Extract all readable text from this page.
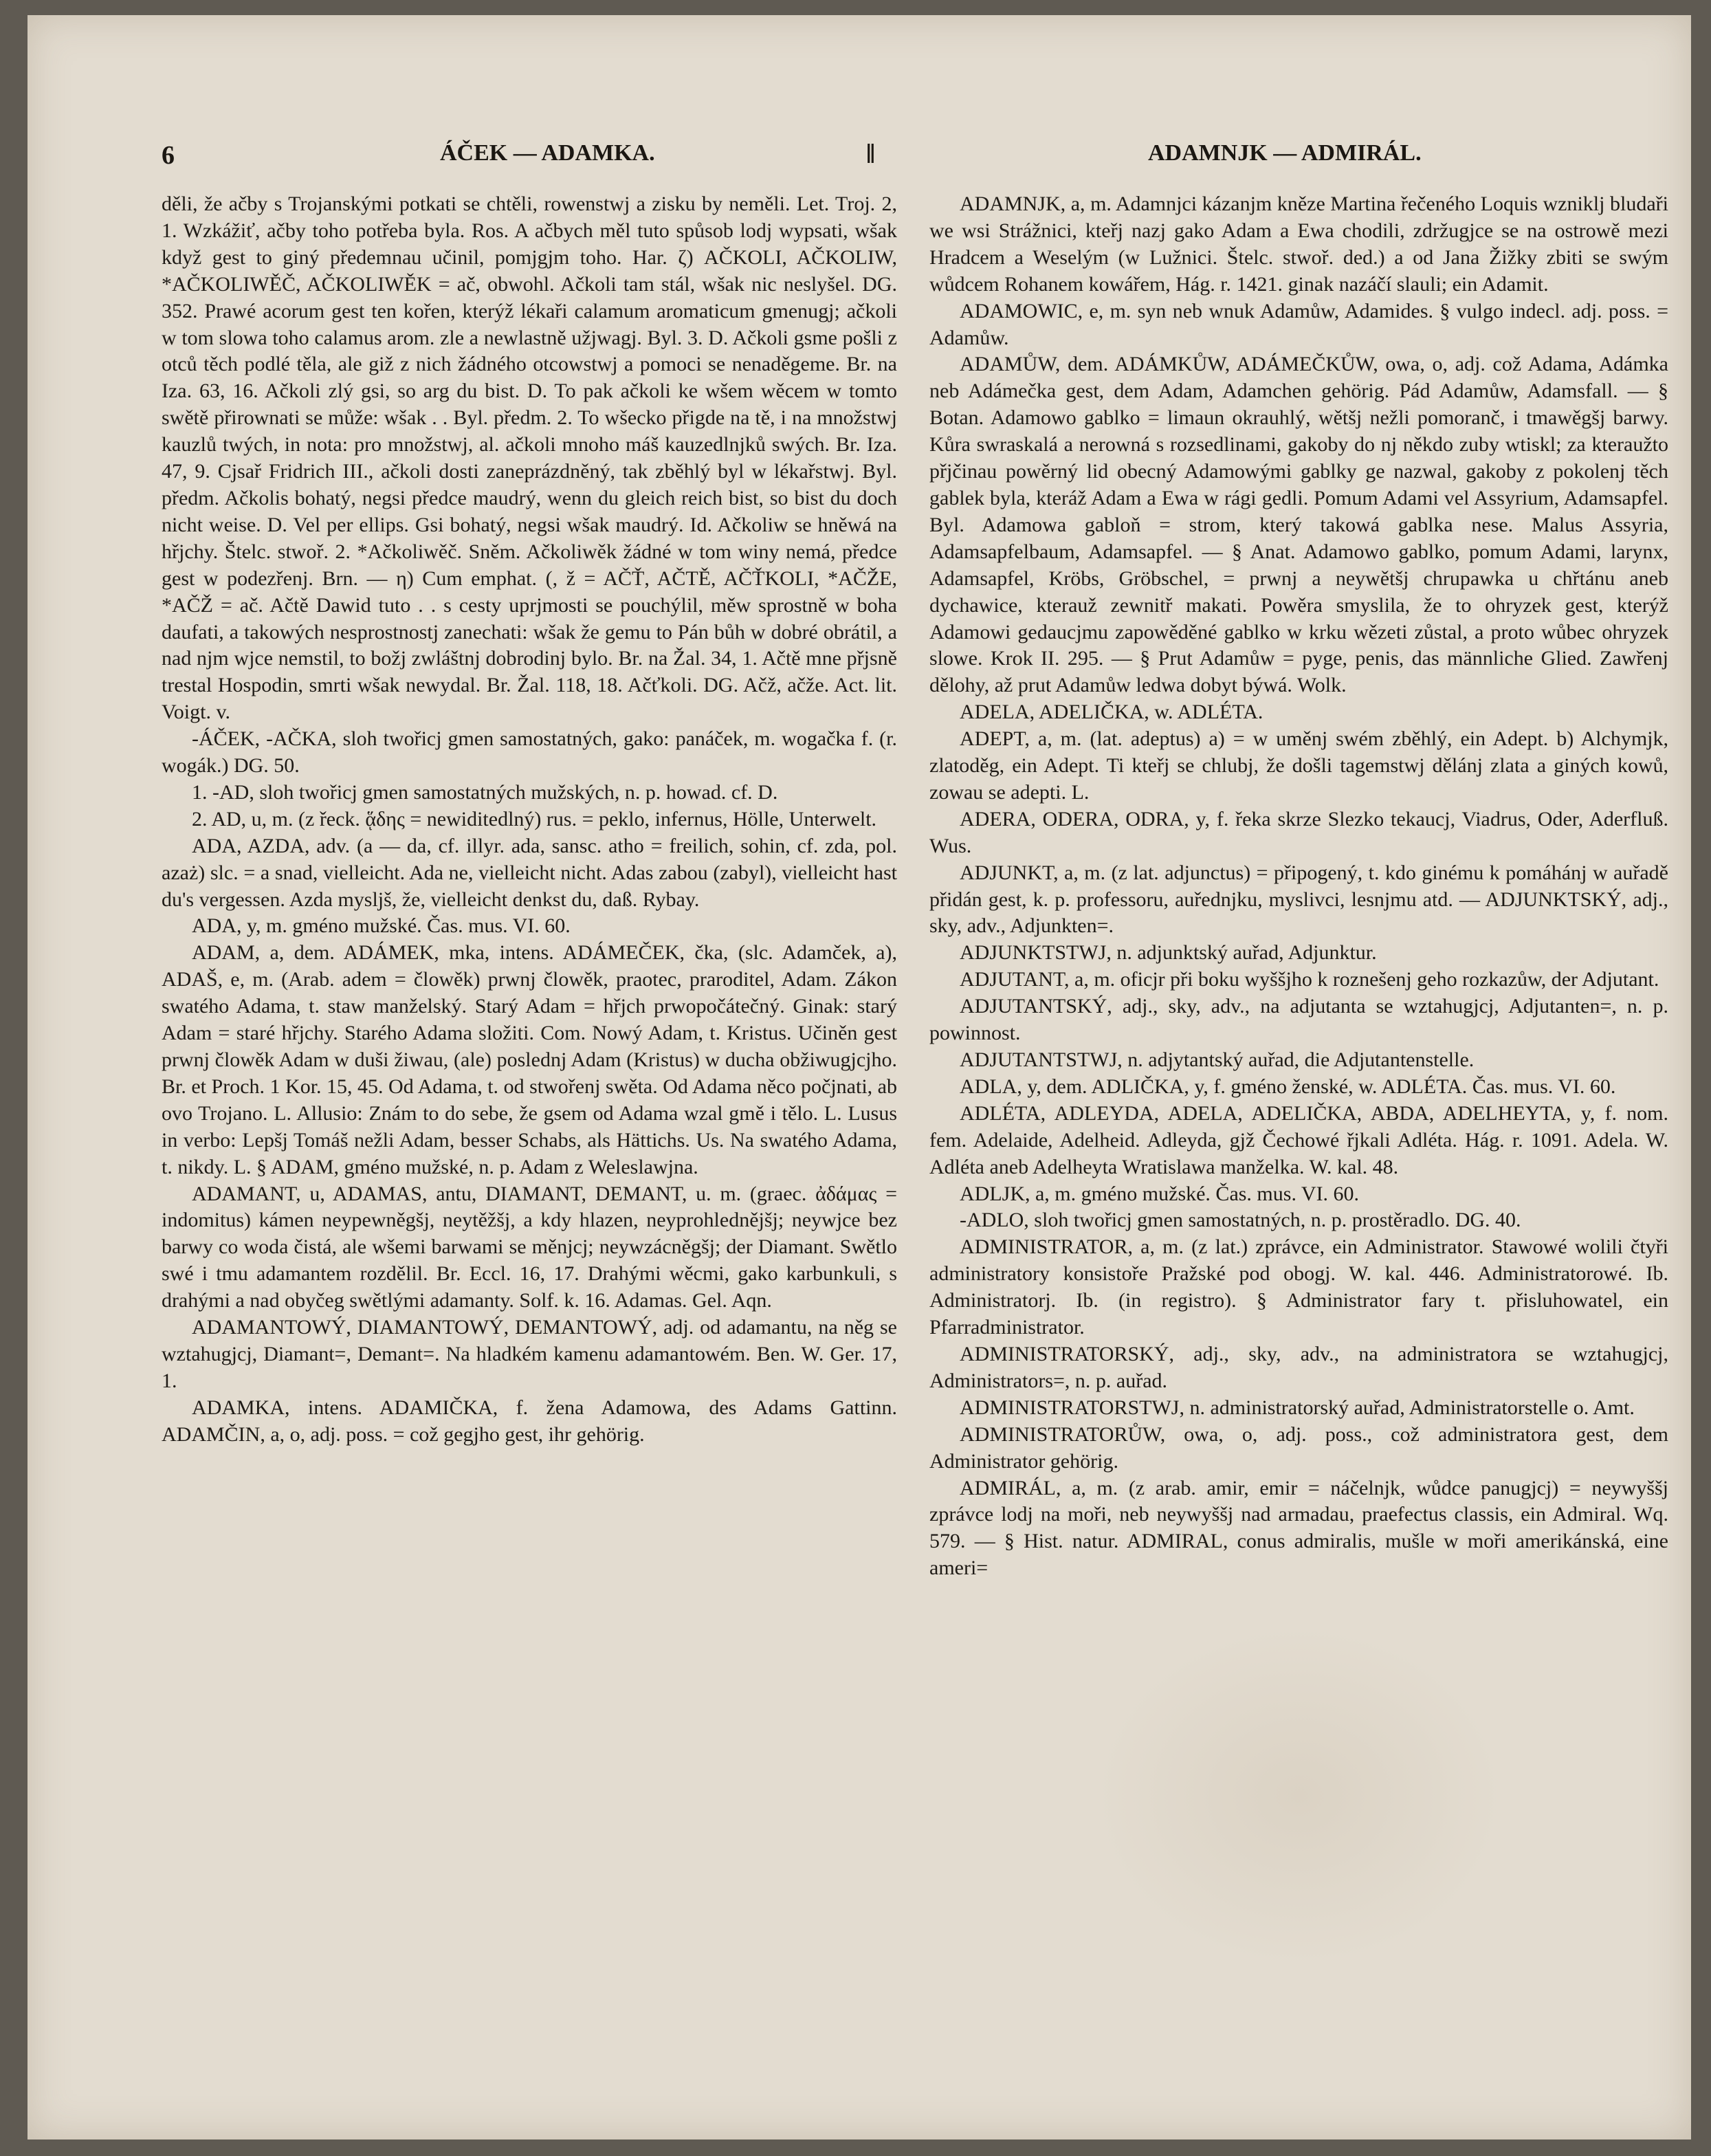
6	ÁČEK — ADAMKA.	‖	ADAMNJK — ADMIRÁL.

děli, že ačby s Trojanskými potkati se chtěli, rowenstwj a zisku by neměli. Let. Troj. 2, 1. Wzkážiť, ačby toho potřeba byla. Ros. A ačbych měl tuto spůsob lodj wypsati, wšak když gest to giný předemnau učinil, pomjgjm toho. Har. ζ) AČKOLI, AČKOLIW, *AČKOLIWĚČ, AČKOLIWĚK = ač, obwohl. Ačkoli tam stál, wšak nic neslyšel. DG. 352. Prawé acorum gest ten kořen, kterýž lékaři calamum aromaticum gmenugj; ačkoli w tom slowa toho calamus arom. zle a newlastně užjwagj. Byl. 3. D. Ačkoli gsme pošli z otců těch podlé těla, ale giž z nich žádného otcowstwj a pomoci se nenaděgeme. Br. na Iza. 63, 16. Ačkoli zlý gsi, so arg du bist. D. To pak ačkoli ke wšem wěcem w tomto swětě přirownati se může: wšak . . Byl. předm. 2. To wšecko přigde na tě, i na množstwj kauzlů twých, in nota: pro množstwj, al. ačkoli mnoho máš kauzedlnjků swých. Br. Iza. 47, 9. Cjsař Fridrich III., ačkoli dosti zaneprázdněný, tak zběhlý byl w lékařstwj. Byl. předm. Ačkolis bohatý, negsi předce maudrý, wenn du gleich reich bist, so bist du doch nicht weise. D. Vel per ellips. Gsi bohatý, negsi wšak maudrý. Id. Ačkoliw se hněwá na hřjchy. Štelc. stwoř. 2. *Ačkoliwěč. Sněm. Ačkoliwěk žádné w tom winy nemá, předce gest w podezřenj. Brn. — η) Cum emphat. (, ž = AČŤ, AČTĚ, AČŤKOLI, *AČŽE, *AČŽ = ač. Ačtě Dawid tuto . . s cesty uprjmosti se pouchýlil, měw sprostně w boha daufati, a takowých nesprostnostj zanechati: wšak že gemu to Pán bůh w dobré obrátil, a nad njm wjce nemstil, to božj zwláštnj dobrodinj bylo. Br. na Žal. 34, 1. Ačtě mne přjsně trestal Hospodin, smrti wšak newydal. Br. Žal. 118, 18. Ačťkoli. DG. Ačž, ačže. Act. lit. Voigt. v.

-ÁČEK, -AČKA, sloh twořicj gmen samostatných, gako: panáček, m. wogačka f. (r. wogák.) DG. 50.

1. -AD, sloh twořicj gmen samostatných mužských, n. p. howad. cf. D.

2. AD, u, m. (z řeck. ᾅδης = newiditedlný) rus. = peklo, infernus, Hölle, Unterwelt.

ADA, AZDA, adv. (a — da, cf. illyr. ada, sansc. atho = freilich, sohin, cf. zda, pol. azaż) slc. = a snad, vielleicht. Ada ne, vielleicht nicht. Adas zabou (zabyl), vielleicht hast du's vergessen. Azda mysljš, že, vielleicht denkst du, daß. Rybay.

ADA, y, m. gméno mužské. Čas. mus. VI. 60.

ADAM, a, dem. ADÁMEK, mka, intens. ADÁMEČEK, čka, (slc. Adamček, a), ADAŠ, e, m. (Arab. adem = člowěk) prwnj člowěk, praotec, praroditel, Adam. Zákon swatého Adama, t. staw manželský. Starý Adam = hřjch prwopočátečný. Ginak: starý Adam = staré hřjchy. Starého Adama složiti. Com. Nowý Adam, t. Kristus. Učiněn gest prwnj člowěk Adam w duši žiwau, (ale) poslednj Adam (Kristus) w ducha obžiwugjcjho. Br. et Proch. 1 Kor. 15, 45. Od Adama, t. od stwořenj swěta. Od Adama něco počjnati, ab ovo Trojano. L. Allusio: Znám to do sebe, že gsem od Adama wzal gmě i tělo. L. Lusus in verbo: Lepšj Tomáš nežli Adam, besser Schabs, als Hättichs. Us. Na swatého Adama, t. nikdy. L. § ADAM, gméno mužské, n. p. Adam z Weleslawjna.

ADAMANT, u, ADAMAS, antu, DIAMANT, DEMANT, u. m. (graec. ἀδάμας = indomitus) kámen neypewněgšj, neytěžšj, a kdy hlazen, neyprohlednějšj; neywjce bez barwy co woda čistá, ale wšemi barwami se měnjcj; neywzácněgšj; der Diamant. Swětlo swé i tmu adamantem rozdělil. Br. Eccl. 16, 17. Drahými wěcmi, gako karbunkuli, s drahými a nad obyčeg swětlými adamanty. Solf. k. 16. Adamas. Gel. Aqn.

ADAMANTOWÝ, DIAMANTOWÝ, DEMANTOWÝ, adj. od adamantu, na něg se wztahugjcj, Diamant=, Demant=. Na hladkém kamenu adamantowém. Ben. W. Ger. 17, 1.

ADAMKA, intens. ADAMIČKA, f. žena Adamowa, des Adams Gattinn. ADAMČIN, a, o, adj. poss. = což gegjho gest, ihr gehörig.

ADAMNJK, a, m. Adamnjci kázanjm kněze Martina řečeného Loquis wzniklj bludaři we wsi Strážnici, kteřj nazj gako Adam a Ewa chodili, zdržugjce se na ostrowě mezi Hradcem a Weselým (w Lužnici. Štelc. stwoř. ded.) a od Jana Žižky zbiti se swým wůdcem Rohanem kowářem, Hág. r. 1421. ginak nazáčí slauli; ein Adamit.

ADAMOWIC, e, m. syn neb wnuk Adamůw, Adamides. § vulgo indecl. adj. poss. = Adamůw.

ADAMŮW, dem. ADÁMKŮW, ADÁMEČKŮW, owa, o, adj. což Adama, Adámka neb Adámečka gest, dem Adam, Adamchen gehörig. Pád Adamůw, Adamsfall. — § Botan. Adamowo gablko = limaun okrauhlý, wětšj nežli pomoranč, i tmawěgšj barwy. Kůra swraskalá a nerowná s rozsedlinami, gakoby do nj někdo zuby wtiskl; za kteraužto přjčinau powěrný lid obecný Adamowými gablky ge nazwal, gakoby z pokolenj těch gablek byla, kteráž Adam a Ewa w rági gedli. Pomum Adami vel Assyrium, Adamsapfel. Byl. Adamowa gabloň = strom, který takowá gablka nese. Malus Assyria, Adamsapfelbaum, Adamsapfel. — § Anat. Adamowo gablko, pomum Adami, larynx, Adamsapfel, Kröbs, Gröbschel, = prwnj a neywětšj chrupawka u chřtánu aneb dychawice, kterauž zewnitř makati. Powěra smyslila, že to ohryzek gest, kterýž Adamowi gedaucjmu zapowěděné gablko w krku wězeti zůstal, a proto wůbec ohryzek slowe. Krok II. 295. — § Prut Adamůw = pyge, penis, das männliche Glied. Zawřenj dělohy, až prut Adamůw ledwa dobyt býwá. Wolk.

ADELA, ADELIČKA, w. ADLÉTA.

ADEPT, a, m. (lat. adeptus) a) = w uměnj swém zběhlý, ein Adept. b) Alchymjk, zlatoděg, ein Adept. Ti kteřj se chlubj, že došli tagemstwj dělánj zlata a giných kowů, zowau se adepti. L.

ADERA, ODERA, ODRA, y, f. řeka skrze Slezko tekaucj, Viadrus, Oder, Aderfluß. Wus.

ADJUNKT, a, m. (z lat. adjunctus) = připogený, t. kdo ginému k pomáhánj w auřadě přidán gest, k. p. professoru, auřednjku, myslivci, lesnjmu atd. — ADJUNKTSKÝ, adj., sky, adv., Adjunkten=.

ADJUNKTSTWJ, n. adjunktský auřad, Adjunktur.

ADJUTANT, a, m. oficjr při boku wyššjho k roznešenj geho rozkazůw, der Adjutant.

ADJUTANTSKÝ, adj., sky, adv., na adjutanta se wztahugjcj, Adjutanten=, n. p. powinnost.

ADJUTANTSTWJ, n. adjytantský auřad, die Adjutantenstelle.

ADLA, y, dem. ADLIČKA, y, f. gméno ženské, w. ADLÉTA. Čas. mus. VI. 60.

ADLÉTA, ADLEYDA, ADELA, ADELIČKA, ABDA, ADELHEYTA, y, f. nom. fem. Adelaide, Adelheid. Adleyda, gjž Čechowé řjkali Adléta. Hág. r. 1091. Adela. W. Adléta aneb Adelheyta Wratislawa manželka. W. kal. 48.

ADLJK, a, m. gméno mužské. Čas. mus. VI. 60.

-ADLO, sloh twořicj gmen samostatných, n. p. prostěradlo. DG. 40.

ADMINISTRATOR, a, m. (z lat.) zprávce, ein Administrator. Stawowé wolili čtyři administratory konsistoře Pražské pod obogj. W. kal. 446. Administratorowé. Ib. Administratorj. Ib. (in registro). § Administrator fary t. přisluhowatel, ein Pfarradministrator.

ADMINISTRATORSKÝ, adj., sky, adv., na administratora se wztahugjcj, Administrators=, n. p. auřad.

ADMINISTRATORSTWJ, n. administratorský auřad, Administratorstelle o. Amt.

ADMINISTRATORŮW, owa, o, adj. poss., což administratora gest, dem Administrator gehörig.

ADMIRÁL, a, m. (z arab. amir, emir = náčelnjk, wůdce panugjcj) = neywyššj zprávce lodj na moři, neb neywyššj nad armadau, praefectus classis, ein Admiral. Wq. 579. — § Hist. natur. ADMIRAL, conus admiralis, mušle w moři amerikánská, eine ameri=
